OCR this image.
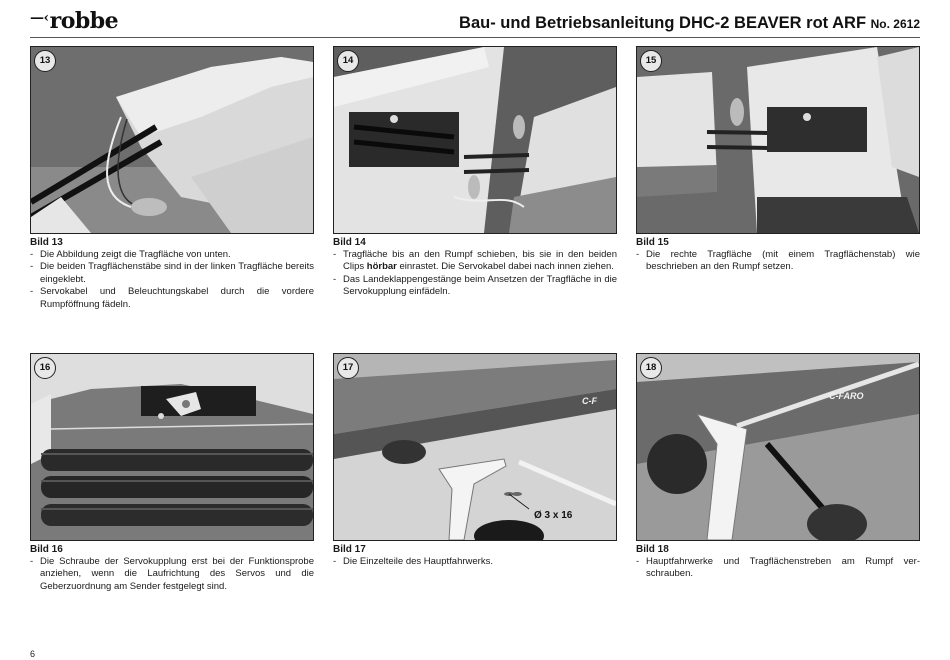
—‹robbe	Bau- und Betriebsanleitung DHC-2 BEAVER rot ARF No. 2612
13
Bild 13
- Die Abbildung zeigt die Tragfläche von unten.
- Die beiden Tragflächenstäbe sind in der linken Tragfläche bereits eingeklebt.
- Servokabel und Beleuchtungskabel durch die vordere Rumpföffnung fädeln.
14
Bild 14
- Tragfläche bis an den Rumpf schieben, bis sie in den beiden Clips hörbar einrastet. Die Servokabel dabei nach innen ziehen.
- Das Landeklappengestänge beim Ansetzen der Tragfläche in die Servokupplung einfädeln.
15
Bild 15
- Die rechte Tragfläche (mit einem Tragflächenstab) wie beschrieben an den Rumpf setzen.
16
Bild 16
- Die Schraube der Servokupplung erst bei der Funktionsprobe anziehen, wenn die Laufrichtung des Servos und die Geberzuordnung am Sender festgelegt sind.
C-F
Ø 3 x 16
17
Bild 17
- Die Einzelteile des Hauptfahrwerks.
C-FARO
18
Bild 18
- Hauptfahrwerke und Tragflächenstreben am Rumpf ver-schrauben.
6
